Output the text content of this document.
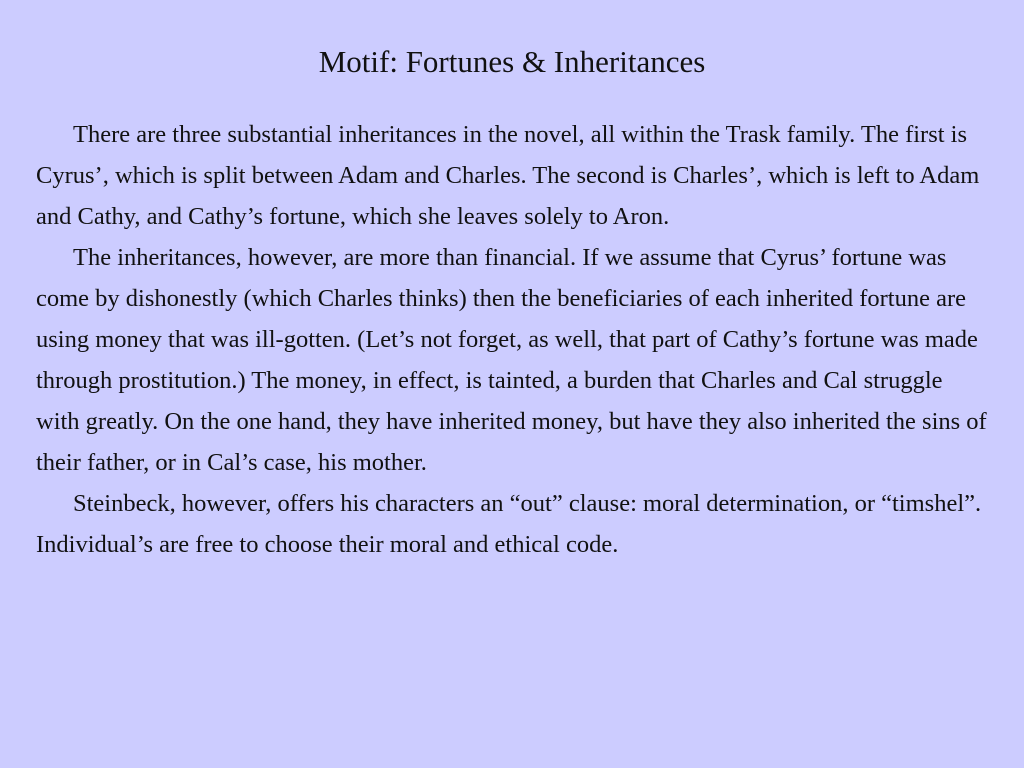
Motif: Fortunes & Inheritances

There are three substantial inheritances in the novel, all within the Trask family. The first is Cyrus’, which is split between Adam and Charles. The second is Charles’, which is left to Adam and Cathy, and Cathy’s fortune, which she leaves solely to Aron.

The inheritances, however, are more than financial. If we assume that Cyrus’ fortune was come by dishonestly (which Charles thinks) then the beneficiaries of each inherited fortune are using money that was ill-gotten. (Let’s not forget, as well, that part of Cathy’s fortune was made through prostitution.) The money, in effect, is tainted, a burden that Charles and Cal struggle with greatly. On the one hand, they have inherited money, but have they also inherited the sins of their father, or in Cal’s case, his mother.

Steinbeck, however, offers his characters an “out” clause: moral determination, or “timshel”. Individual’s are free to choose their moral and ethical code.
